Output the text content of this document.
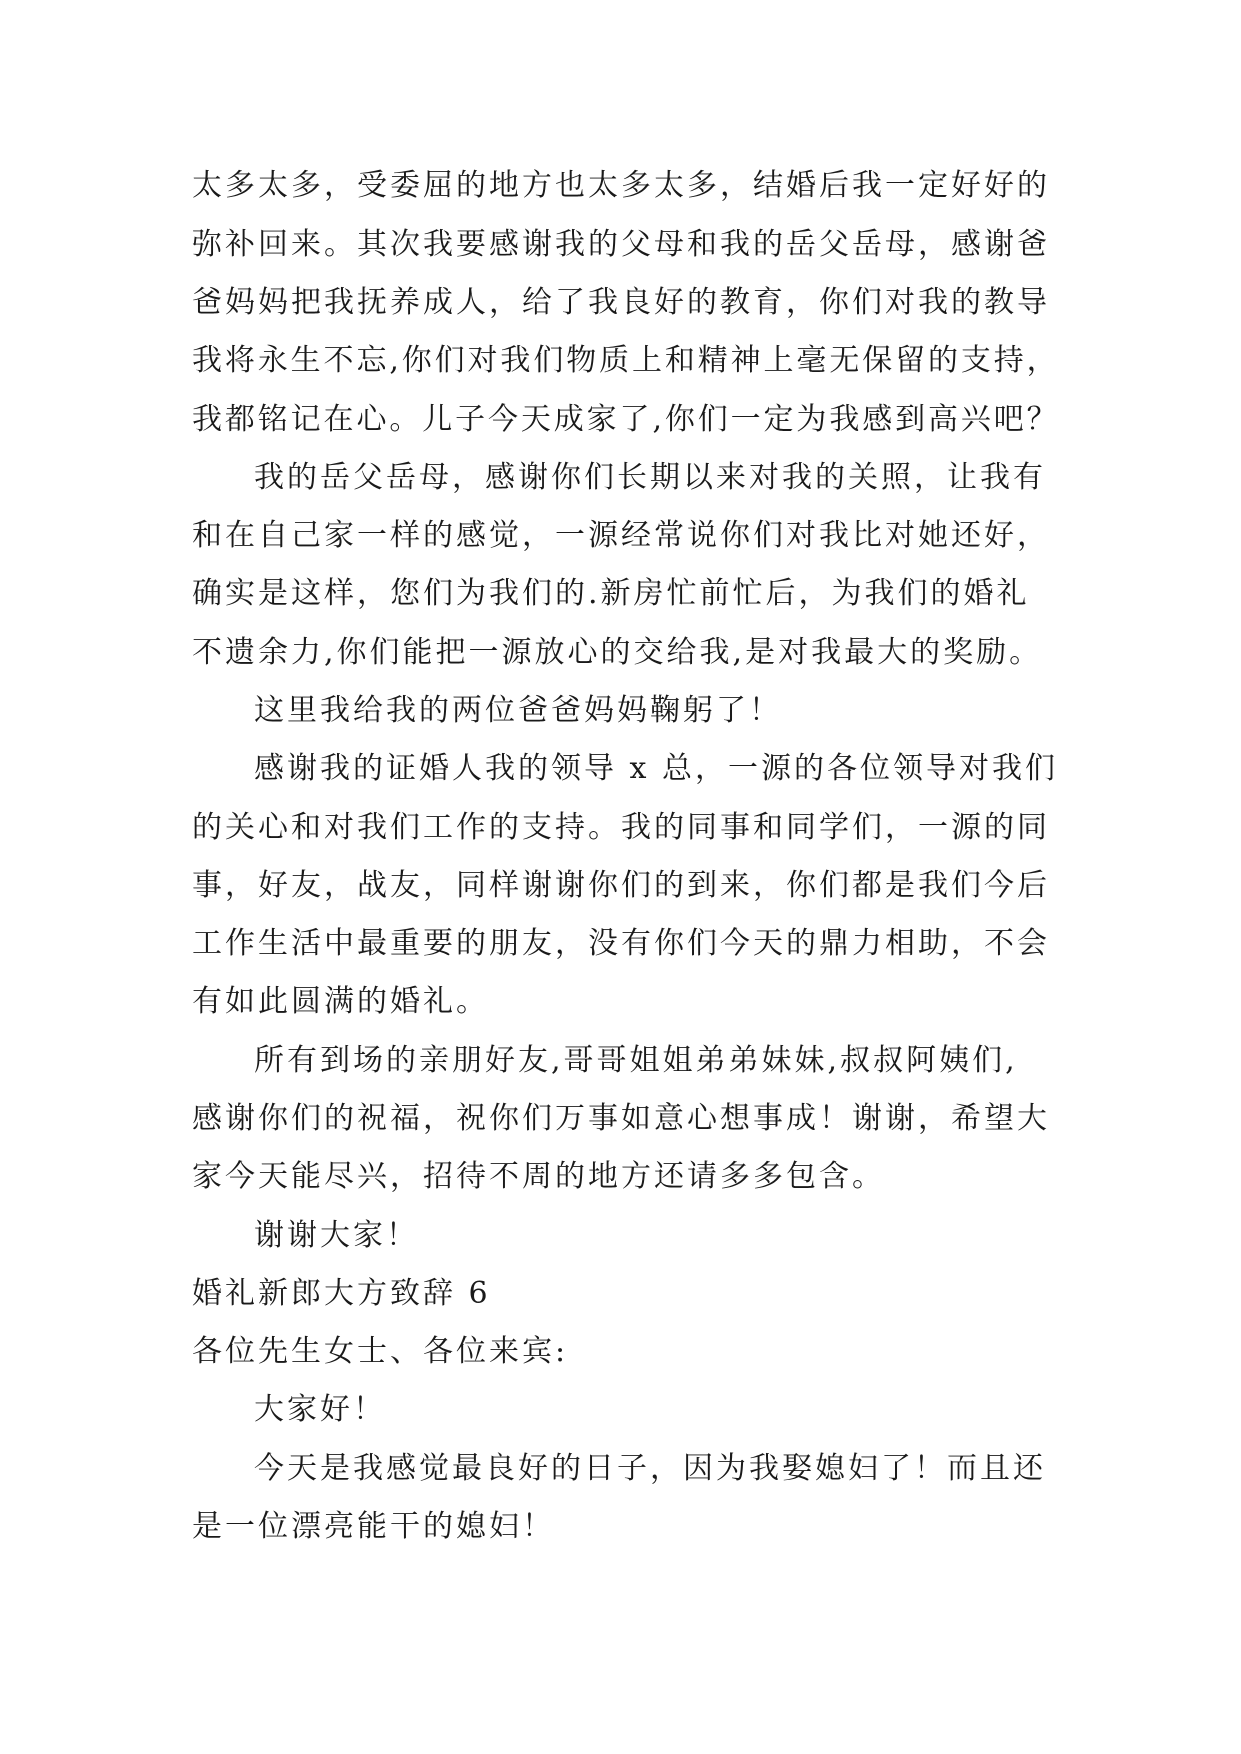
太多太多，受委屈的地方也太多太多，结婚后我一定好好的
弥补回来。其次我要感谢我的父母和我的岳父岳母，感谢爸
爸妈妈把我抚养成人，给了我良好的教育，你们对我的教导
我将永生不忘,你们对我们物质上和精神上毫无保留的支持，
我都铭记在心。儿子今天成家了,你们一定为我感到高兴吧？
我的岳父岳母，感谢你们长期以来对我的关照，让我有
和在自己家一样的感觉，一源经常说你们对我比对她还好，
确实是这样，您们为我们的.新房忙前忙后，为我们的婚礼
不遗余力,你们能把一源放心的交给我,是对我最大的奖励。
这里我给我的两位爸爸妈妈鞠躬了！
感谢我的证婚人我的领导 x 总，一源的各位领导对我们
的关心和对我们工作的支持。我的同事和同学们，一源的同
事，好友，战友，同样谢谢你们的到来，你们都是我们今后
工作生活中最重要的朋友，没有你们今天的鼎力相助，不会
有如此圆满的婚礼。
所有到场的亲朋好友,哥哥姐姐弟弟妹妹,叔叔阿姨们,
感谢你们的祝福，祝你们万事如意心想事成！谢谢，希望大
家今天能尽兴，招待不周的地方还请多多包含。
谢谢大家！
婚礼新郎大方致辞 6
各位先生女士、各位来宾:
大家好！
今天是我感觉最良好的日子，因为我娶媳妇了！而且还
是一位漂亮能干的媳妇！
